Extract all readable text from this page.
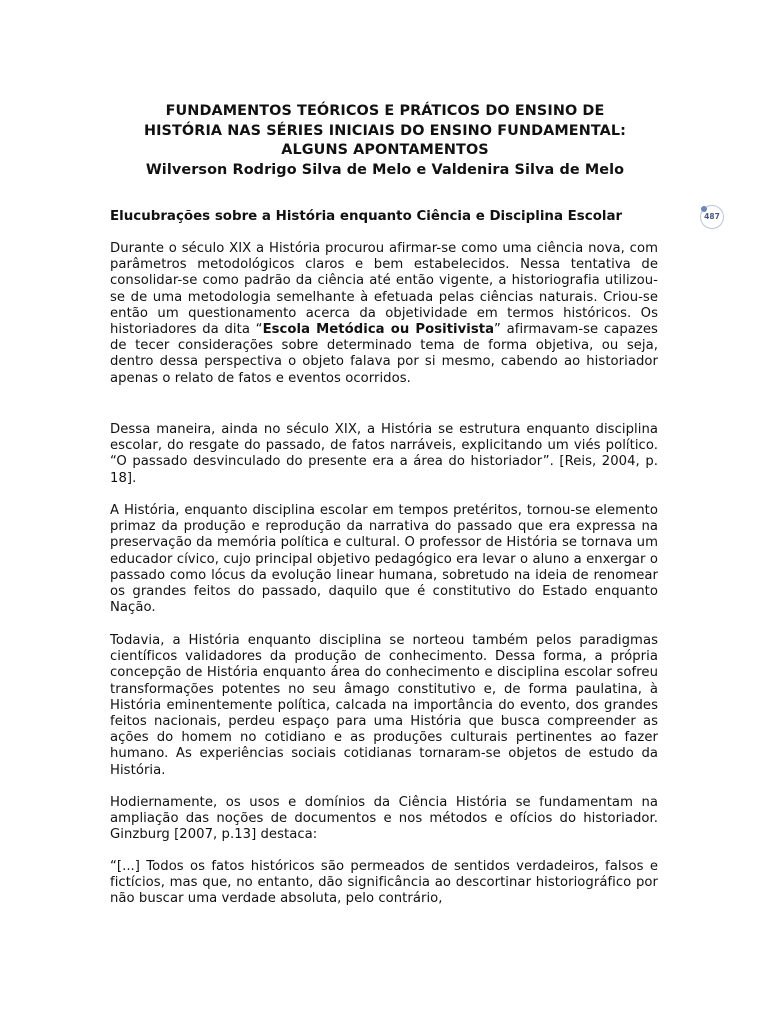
FUNDAMENTOS TEÓRICOS E PRÁTICOS DO ENSINO DE
HISTÓRIA NAS SÉRIES INICIAIS DO ENSINO FUNDAMENTAL:
ALGUNS APONTAMENTOS
Wilverson Rodrigo Silva de Melo e Valdenira Silva de Melo
Elucubrações sobre a História enquanto Ciência e Disciplina Escolar	487
Durante o século XIX a História procurou afirmar-se como uma ciência nova, com parâmetros metodológicos claros e bem estabelecidos. Nessa tentativa de consolidar-se como padrão da ciência até então vigente, a historiografia utilizou-se de uma metodologia semelhante à efetuada pelas ciências naturais. Criou-se então um questionamento acerca da objetividade em termos históricos. Os historiadores da dita “Escola Metódica ou Positivista” afirmavam-se capazes de tecer considerações sobre determinado tema de forma objetiva, ou seja, dentro dessa perspectiva o objeto falava por si mesmo, cabendo ao historiador apenas o relato de fatos e eventos ocorridos.
Dessa maneira, ainda no século XIX, a História se estrutura enquanto disciplina escolar, do resgate do passado, de fatos narráveis, explicitando um viés político. “O passado desvinculado do presente era a área do historiador”. [Reis, 2004, p. 18].
A História, enquanto disciplina escolar em tempos pretéritos, tornou-se elemento primaz da produção e reprodução da narrativa do passado que era expressa na preservação da memória política e cultural. O professor de História se tornava um educador cívico, cujo principal objetivo pedagógico era levar o aluno a enxergar o passado como lócus da evolução linear humana, sobretudo na ideia de renomear os grandes feitos do passado, daquilo que é constitutivo do Estado enquanto Nação.
Todavia, a História enquanto disciplina se norteou também pelos paradigmas científicos validadores da produção de conhecimento. Dessa forma, a própria concepção de História enquanto área do conhecimento e disciplina escolar sofreu transformações potentes no seu âmago constitutivo e, de forma paulatina, à História eminentemente política, calcada na importância do evento, dos grandes feitos nacionais, perdeu espaço para uma História que busca compreender as ações do homem no cotidiano e as produções culturais pertinentes ao fazer humano. As experiências sociais cotidianas tornaram-se objetos de estudo da História.
Hodiernamente, os usos e domínios da Ciência História se fundamentam na ampliação das noções de documentos e nos métodos e ofícios do historiador. Ginzburg [2007, p.13] destaca:
“[...] Todos os fatos históricos são permeados de sentidos verdadeiros, falsos e fictícios, mas que, no entanto, dão significância ao descortinar historiográfico por não buscar uma verdade absoluta, pelo contrário,
